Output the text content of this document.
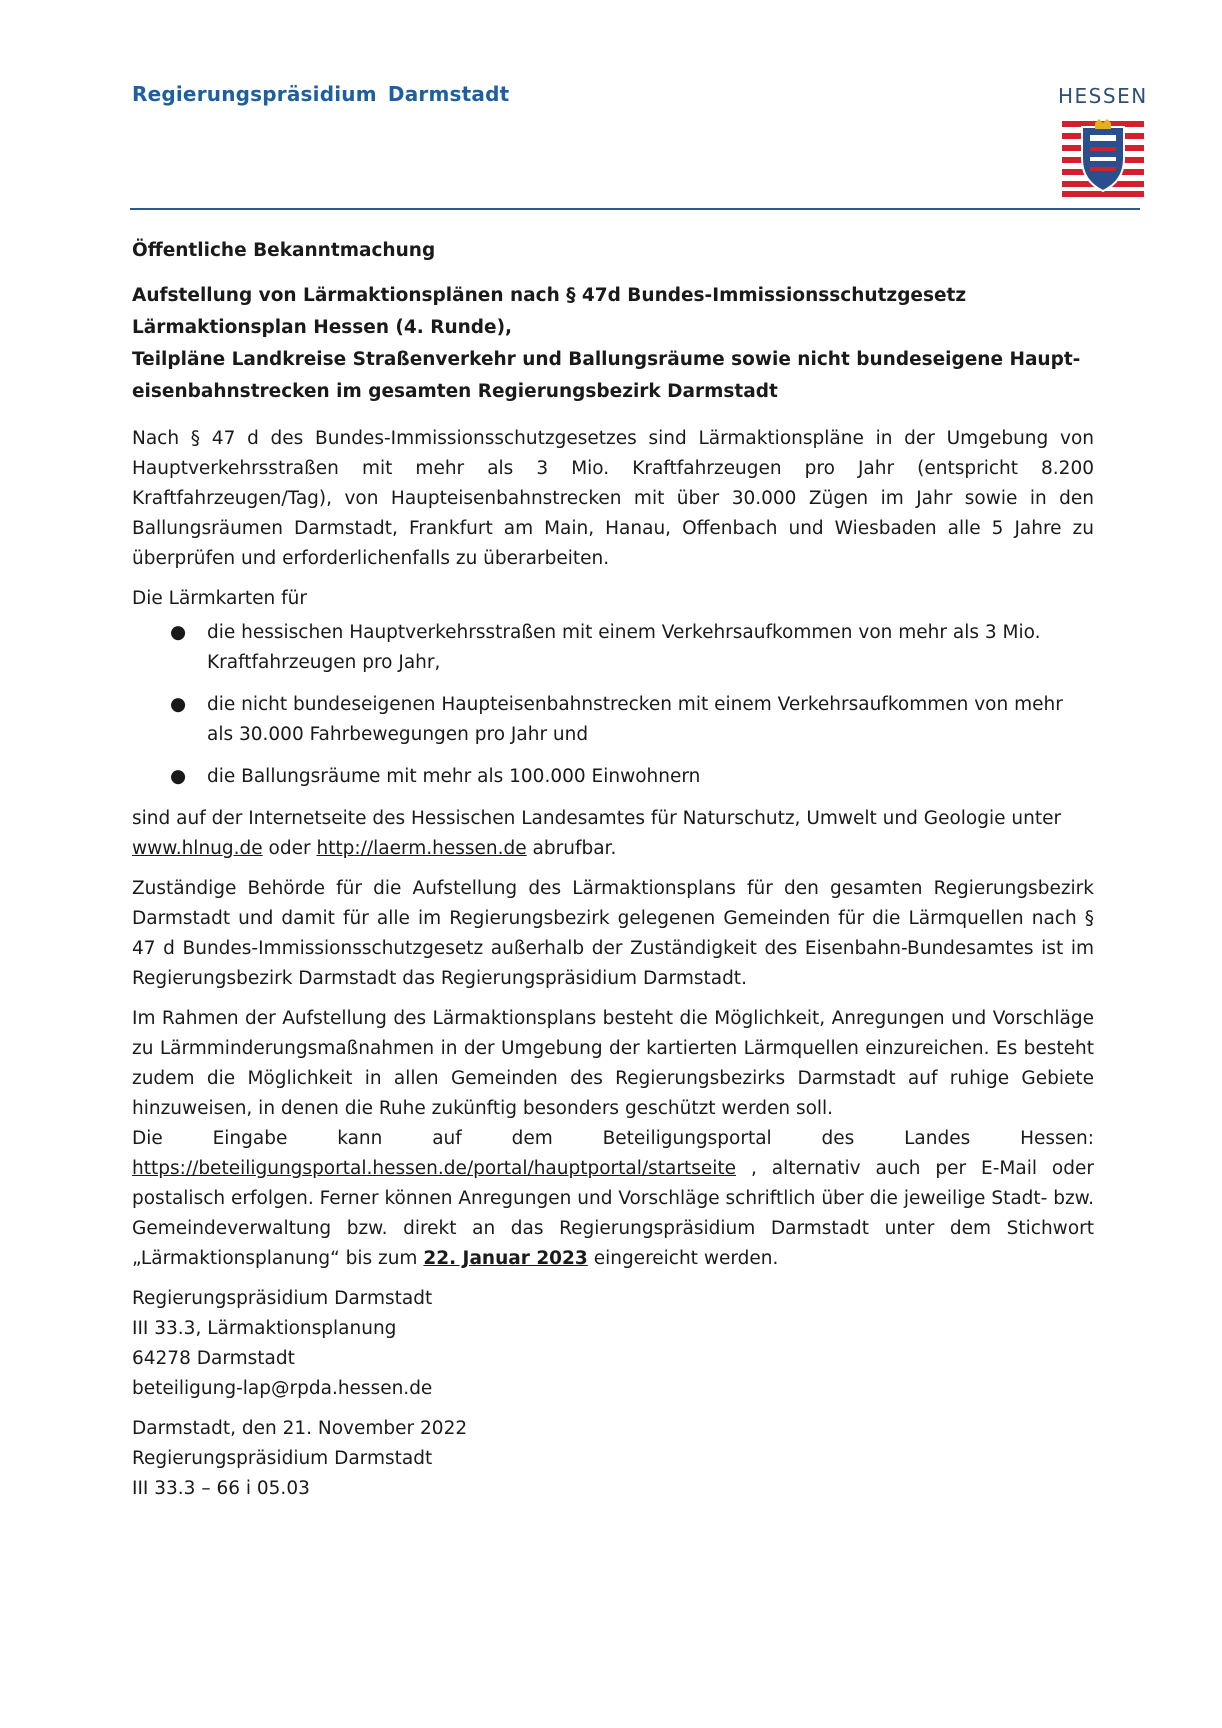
Regierungspräsidium Darmstadt	HESSEN

Öffentliche Bekanntmachung

Aufstellung von Lärmaktionsplänen nach § 47d Bundes-Immissionsschutzgesetz
Lärmaktionsplan Hessen (4. Runde),
Teilpläne Landkreise Straßenverkehr und Ballungsräume sowie nicht bundeseigene Haupt-
eisenbahnstrecken im gesamten Regierungsbezirk Darmstadt

Nach § 47 d des Bundes-Immissionsschutzgesetzes sind Lärmaktionspläne in der Umgebung von Hauptverkehrsstraßen mit mehr als 3 Mio. Kraftfahrzeugen pro Jahr (entspricht 8.200 Kraftfahrzeugen/Tag), von Haupteisenbahnstrecken mit über 30.000 Zügen im Jahr sowie in den Ballungsräumen Darmstadt, Frankfurt am Main, Hanau, Offenbach und Wiesbaden alle 5 Jahre zu überprüfen und erforderlichenfalls zu überarbeiten.

Die Lärmkarten für

● die hessischen Hauptverkehrsstraßen mit einem Verkehrsaufkommen von mehr als 3 Mio. Kraftfahrzeugen pro Jahr,
● die nicht bundeseigenen Haupteisenbahnstrecken mit einem Verkehrsaufkommen von mehr als 30.000 Fahrbewegungen pro Jahr und
● die Ballungsräume mit mehr als 100.000 Einwohnern

sind auf der Internetseite des Hessischen Landesamtes für Naturschutz, Umwelt und Geologie unter www.hlnug.de oder http://laerm.hessen.de abrufbar.

Zuständige Behörde für die Aufstellung des Lärmaktionsplans für den gesamten Regierungsbezirk Darmstadt und damit für alle im Regierungsbezirk gelegenen Gemeinden für die Lärmquellen nach § 47 d Bundes-Immissionsschutzgesetz außerhalb der Zuständigkeit des Eisenbahn-Bundesamtes ist im Regierungsbezirk Darmstadt das Regierungspräsidium Darmstadt.

Im Rahmen der Aufstellung des Lärmaktionsplans besteht die Möglichkeit, Anregungen und Vorschläge zu Lärmminderungsmaßnahmen in der Umgebung der kartierten Lärmquellen einzureichen. Es besteht zudem die Möglichkeit in allen Gemeinden des Regierungsbezirks Darmstadt auf ruhige Gebiete hinzuweisen, in denen die Ruhe zukünftig besonders geschützt werden soll.

Die Eingabe kann auf dem Beteiligungsportal des Landes Hessen: https://beteiligungsportal.hessen.de/portal/hauptportal/startseite , alternativ auch per E-Mail oder postalisch erfolgen. Ferner können Anregungen und Vorschläge schriftlich über die jeweilige Stadt- bzw. Gemeindeverwaltung bzw. direkt an das Regierungspräsidium Darmstadt unter dem Stichwort „Lärmaktionsplanung“ bis zum 22. Januar 2023 eingereicht werden.

Regierungspräsidium Darmstadt
III 33.3, Lärmaktionsplanung
64278 Darmstadt
beteiligung-lap@rpda.hessen.de
Darmstadt, den 21. November 2022
Regierungspräsidium Darmstadt
III 33.3 – 66 i 05.03
